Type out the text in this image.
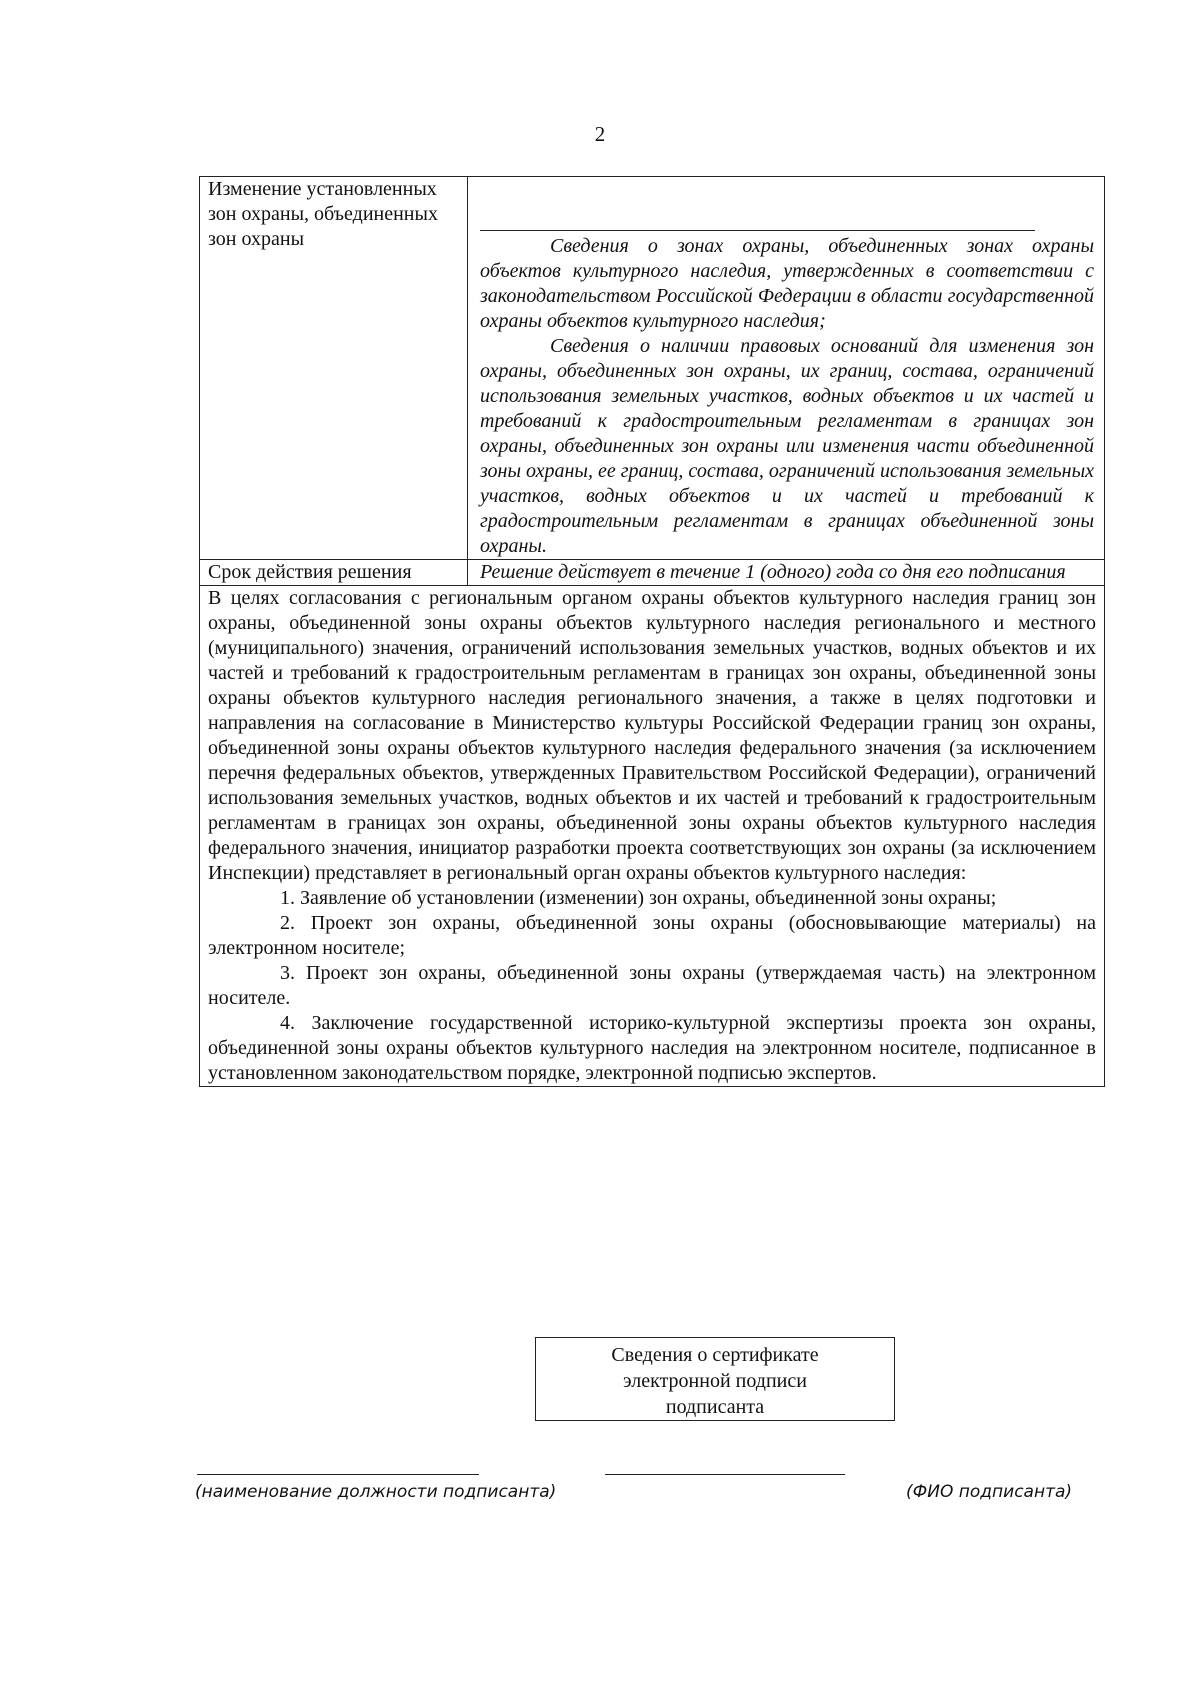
2
Изменение установленных зон охраны, объединенных зон охраны	Сведения о зонах охраны, объединенных зонах охраны объектов культурного наследия, утвержденных в соответствии с законодательством Российской Федерации в области государственной охраны объектов культурного наследия;

Сведения о наличии правовых оснований для изменения зон охраны, объединенных зон охраны, их границ, состава, ограничений использования земельных участков, водных объектов и их частей и требований к градостроительным регламентам в границах зон охраны, объединенных зон охраны или изменения части объединенной зоны охраны, ее границ, состава, ограничений использования земельных участков, водных объектов и их частей и требований к градостроительным регламентам в границах объединенной зоны охраны.

Срок действия решения	Решение действует в течение 1 (одного) года со дня его подписания

В целях согласования с региональным органом охраны объектов культурного наследия границ зон охраны, объединенной зоны охраны объектов культурного наследия регионального и местного (муниципального) значения, ограничений использования земельных участков, водных объектов и их частей и требований к градостроительным регламентам в границах зон охраны, объединенной зоны охраны объектов культурного наследия регионального значения, а также в целях подготовки и направления на согласование в Министерство культуры Российской Федерации границ зон охраны, объединенной зоны охраны объектов культурного наследия федерального значения (за исключением перечня федеральных объектов, утвержденных Правительством Российской Федерации), ограничений использования земельных участков, водных объектов и их частей и требований к градостроительным регламентам в границах зон охраны, объединенной зоны охраны объектов культурного наследия федерального значения, инициатор разработки проекта соответствующих зон охраны (за исключением Инспекции) представляет в региональный орган охраны объектов культурного наследия:

1. Заявление об установлении (изменении) зон охраны, объединенной зоны охраны;

2. Проект зон охраны, объединенной зоны охраны (обосновывающие материалы) на электронном носителе;

3. Проект зон охраны, объединенной зоны охраны (утверждаемая часть) на электронном носителе.

4. Заключение государственной историко-культурной экспертизы проекта зон охраны, объединенной зоны охраны объектов культурного наследия на электронном носителе, подписанное в установленном законодательством порядке, электронной подписью экспертов.	

Сведения о сертификате
электронной подписи
подписанта
(наименование должности подписанта)	(ФИО подписанта)
